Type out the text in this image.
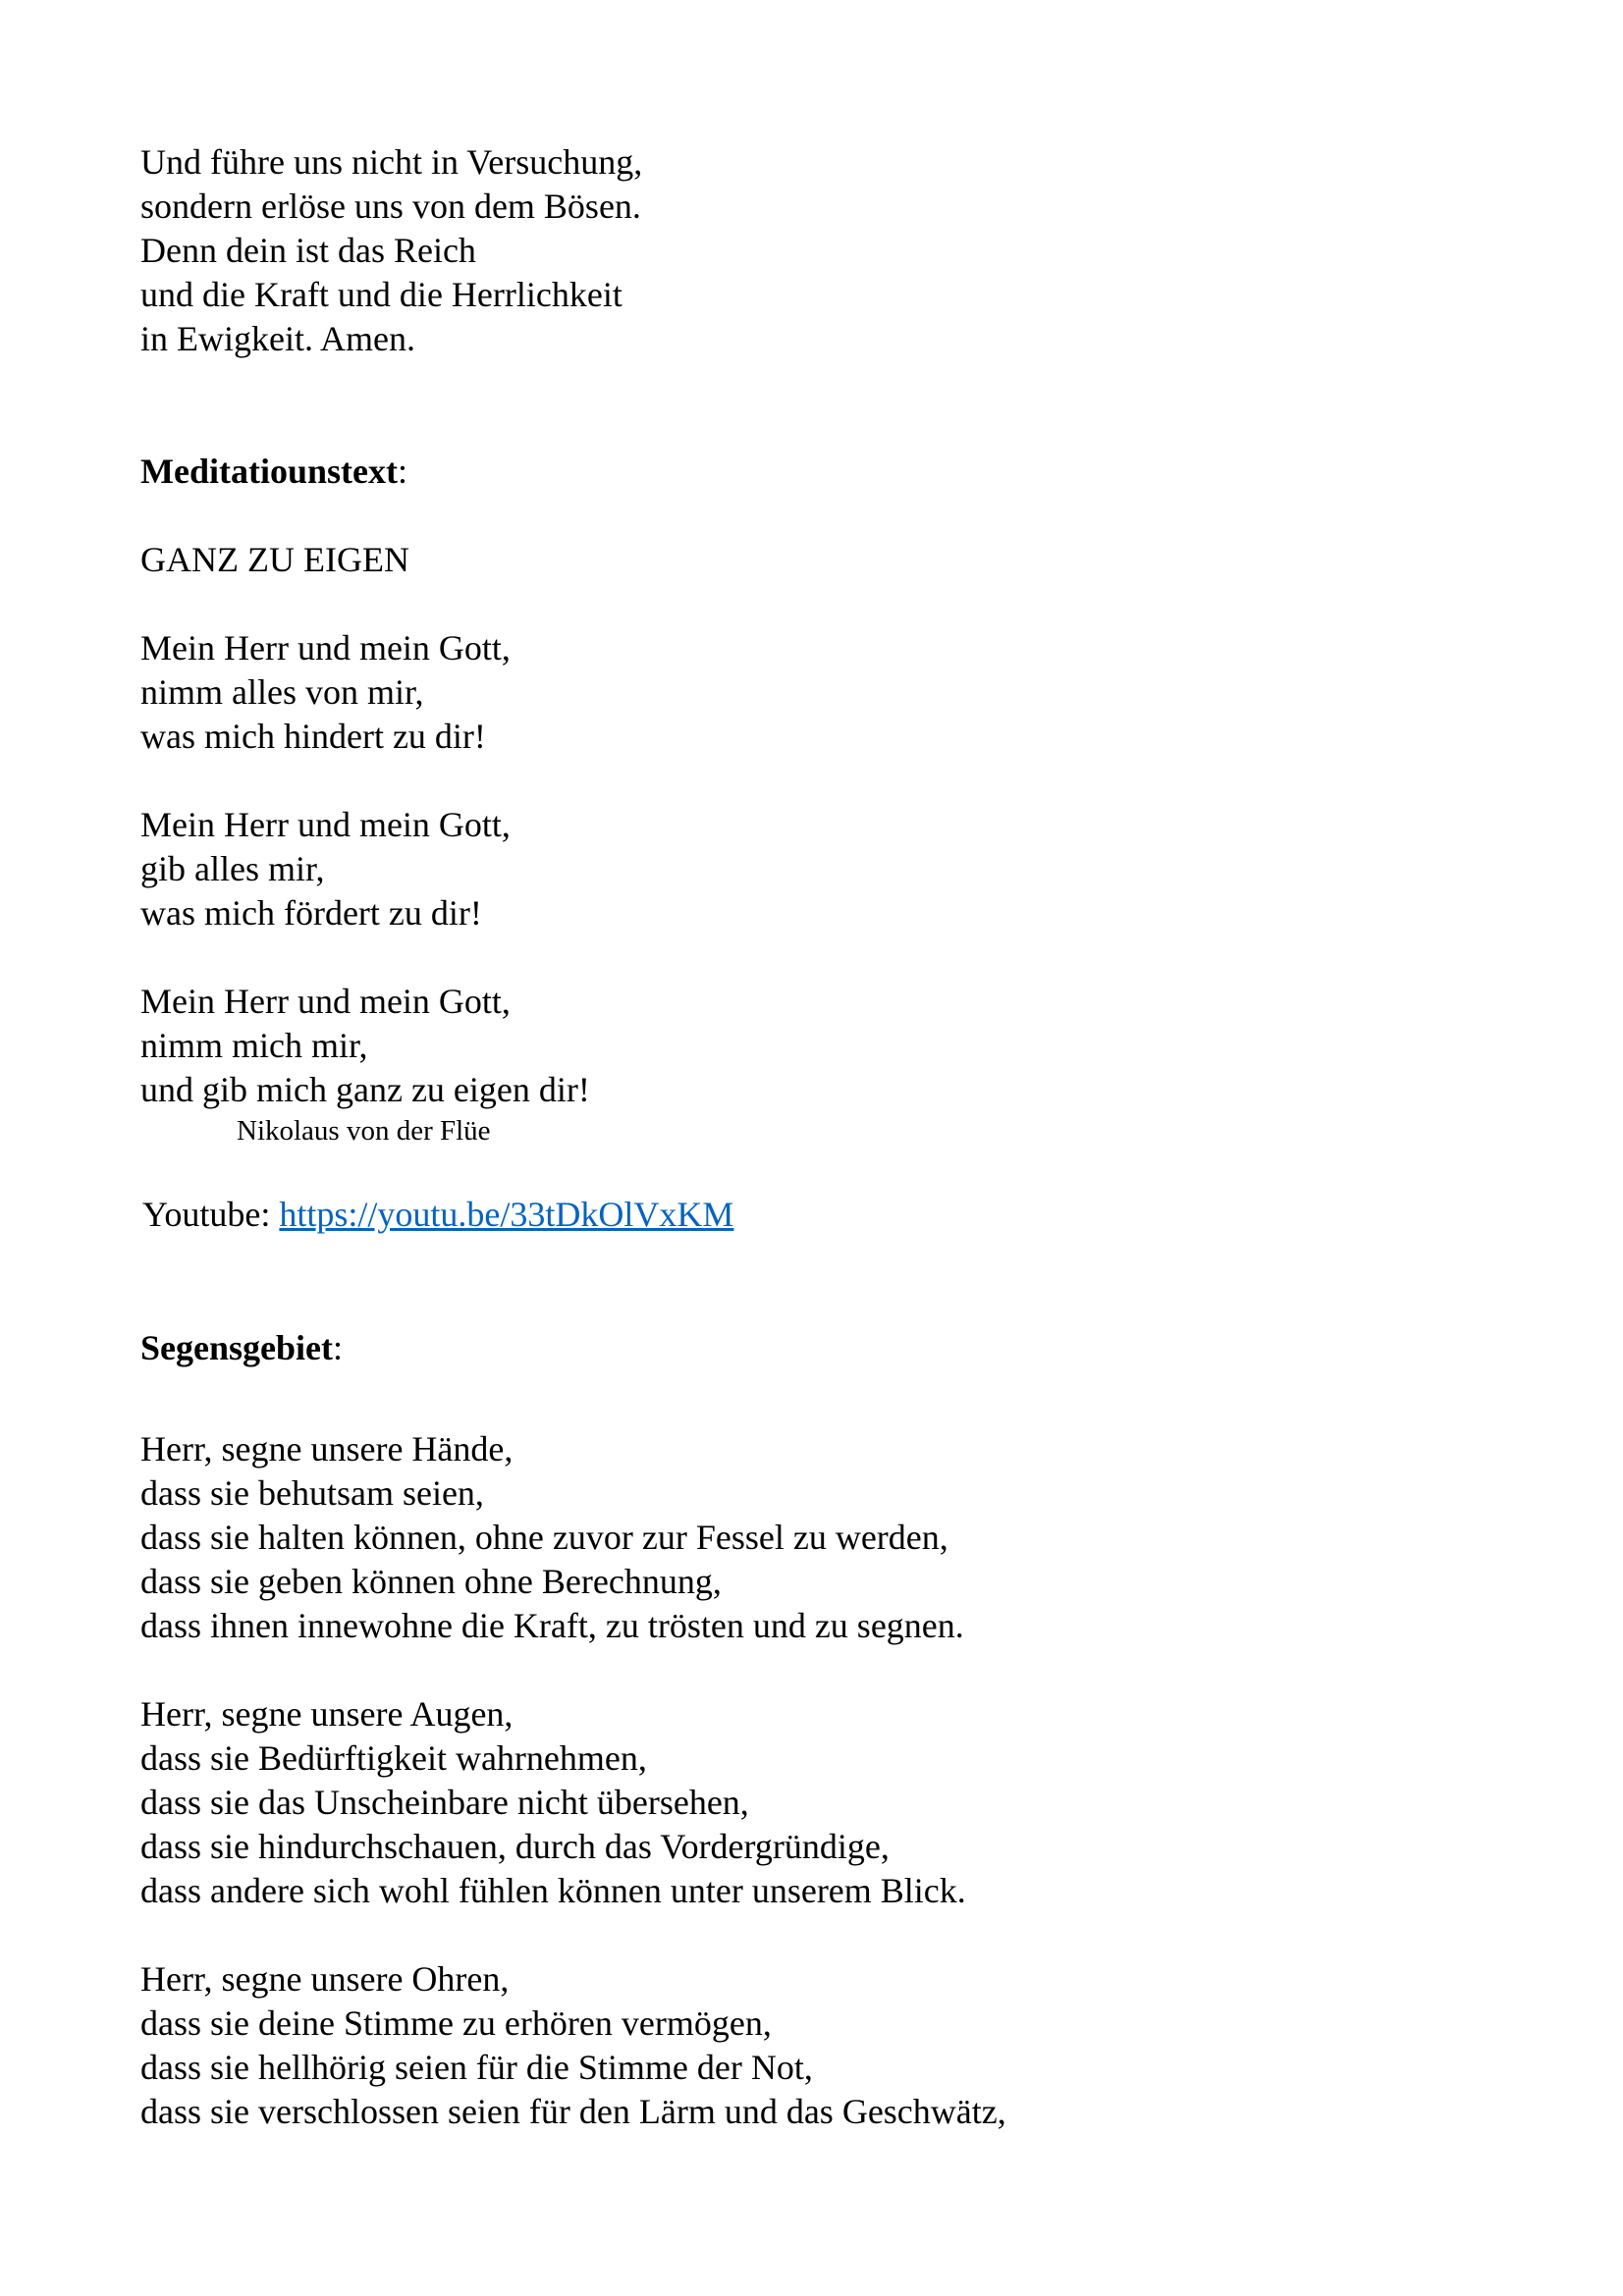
Und führe uns nicht in Versuchung,
sondern erlöse uns von dem Bösen.
Denn dein ist das Reich
und die Kraft und die Herrlichkeit
in Ewigkeit. Amen.
Meditatiounstext:
GANZ ZU EIGEN
Mein Herr und mein Gott,
nimm alles von mir,
was mich hindert zu dir!
Mein Herr und mein Gott,
gib alles mir,
was mich fördert zu dir!
Mein Herr und mein Gott,
nimm mich mir,
und gib mich ganz zu eigen dir!
Nikolaus von der Flüe
Youtube: https://youtu.be/33tDkOlVxKM
Segensgebiet:
Herr, segne unsere Hände,
dass sie behutsam seien,
dass sie halten können, ohne zuvor zur Fessel zu werden,
dass sie geben können ohne Berechnung,
dass ihnen innewohne die Kraft, zu trösten und zu segnen.
Herr, segne unsere Augen,
dass sie Bedürftigkeit wahrnehmen,
dass sie das Unscheinbare nicht übersehen,
dass sie hindurchschauen, durch das Vordergründige,
dass andere sich wohl fühlen können unter unserem Blick.
Herr, segne unsere Ohren,
dass sie deine Stimme zu erhören vermögen,
dass sie hellhörig seien für die Stimme der Not,
dass sie verschlossen seien für den Lärm und das Geschwätz,
